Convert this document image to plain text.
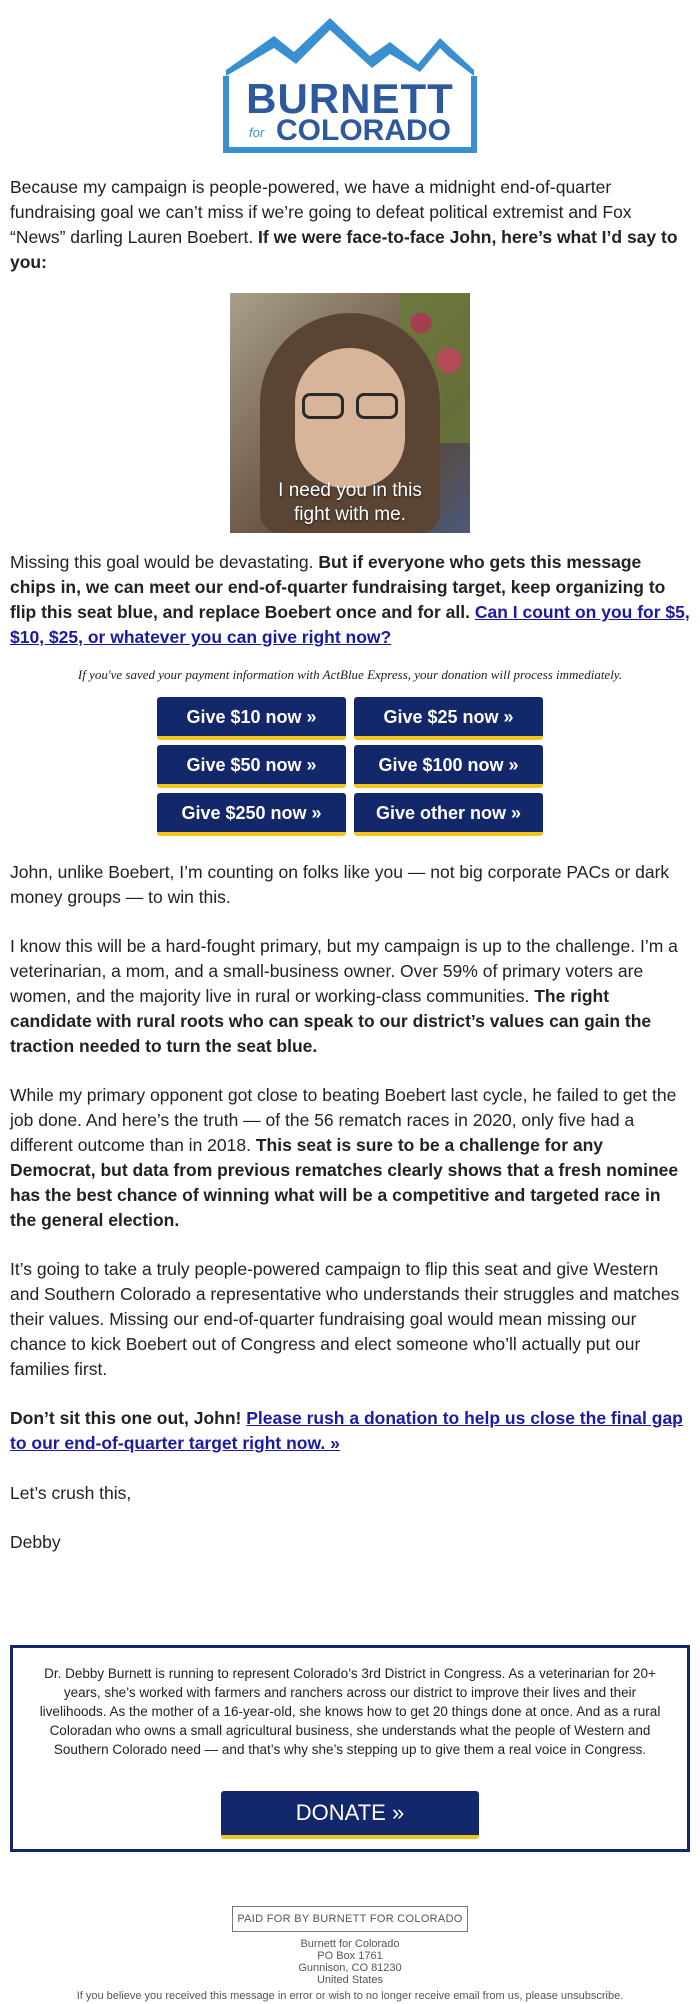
BURNETT
for COLORADO
Because my campaign is people-powered, we have a midnight end-of-quarter fundraising goal we can’t miss if we’re going to defeat political extremist and Fox “News” darling Lauren Boebert. If we were face-to-face John, here’s what I’d say to you:
I need you in this
fight with me.
Missing this goal would be devastating. But if everyone who gets this message chips in, we can meet our end-of-quarter fundraising target, keep organizing to flip this seat blue, and replace Boebert once and for all. Can I count on you for $5, $10, $25, or whatever you can give right now?
If you've saved your payment information with ActBlue Express, your donation will process immediately.
Give $10 now »	Give $25 now »
Give $50 now »	Give $100 now »
Give $250 now »	Give other now »
John, unlike Boebert, I’m counting on folks like you — not big corporate PACs or dark money groups — to win this.
I know this will be a hard-fought primary, but my campaign is up to the challenge. I’m a veterinarian, a mom, and a small-business owner. Over 59% of primary voters are women, and the majority live in rural or working-class communities. The right candidate with rural roots who can speak to our district’s values can gain the traction needed to turn the seat blue.
While my primary opponent got close to beating Boebert last cycle, he failed to get the job done. And here’s the truth — of the 56 rematch races in 2020, only five had a different outcome than in 2018. This seat is sure to be a challenge for any Democrat, but data from previous rematches clearly shows that a fresh nominee has the best chance of winning what will be a competitive and targeted race in the general election.
It’s going to take a truly people-powered campaign to flip this seat and give Western and Southern Colorado a representative who understands their struggles and matches their values. Missing our end-of-quarter fundraising goal would mean missing our chance to kick Boebert out of Congress and elect someone who’ll actually put our families first.
Don’t sit this one out, John! Please rush a donation to help us close the final gap to our end-of-quarter target right now. »
Let’s crush this,
Debby
Dr. Debby Burnett is running to represent Colorado’s 3rd District in Congress. As a veterinarian for 20+ years, she’s worked with farmers and ranchers across our district to improve their lives and their livelihoods. As the mother of a 16-year-old, she knows how to get 20 things done at once. And as a rural Coloradan who owns a small agricultural business, she understands what the people of Western and Southern Colorado need — and that’s why she’s stepping up to give them a real voice in Congress.
DONATE »
PAID FOR BY BURNETT FOR COLORADO
Burnett for Colorado
PO Box 1761
Gunnison, CO 81230
United States
If you believe you received this message in error or wish to no longer receive email from us, please unsubscribe.
